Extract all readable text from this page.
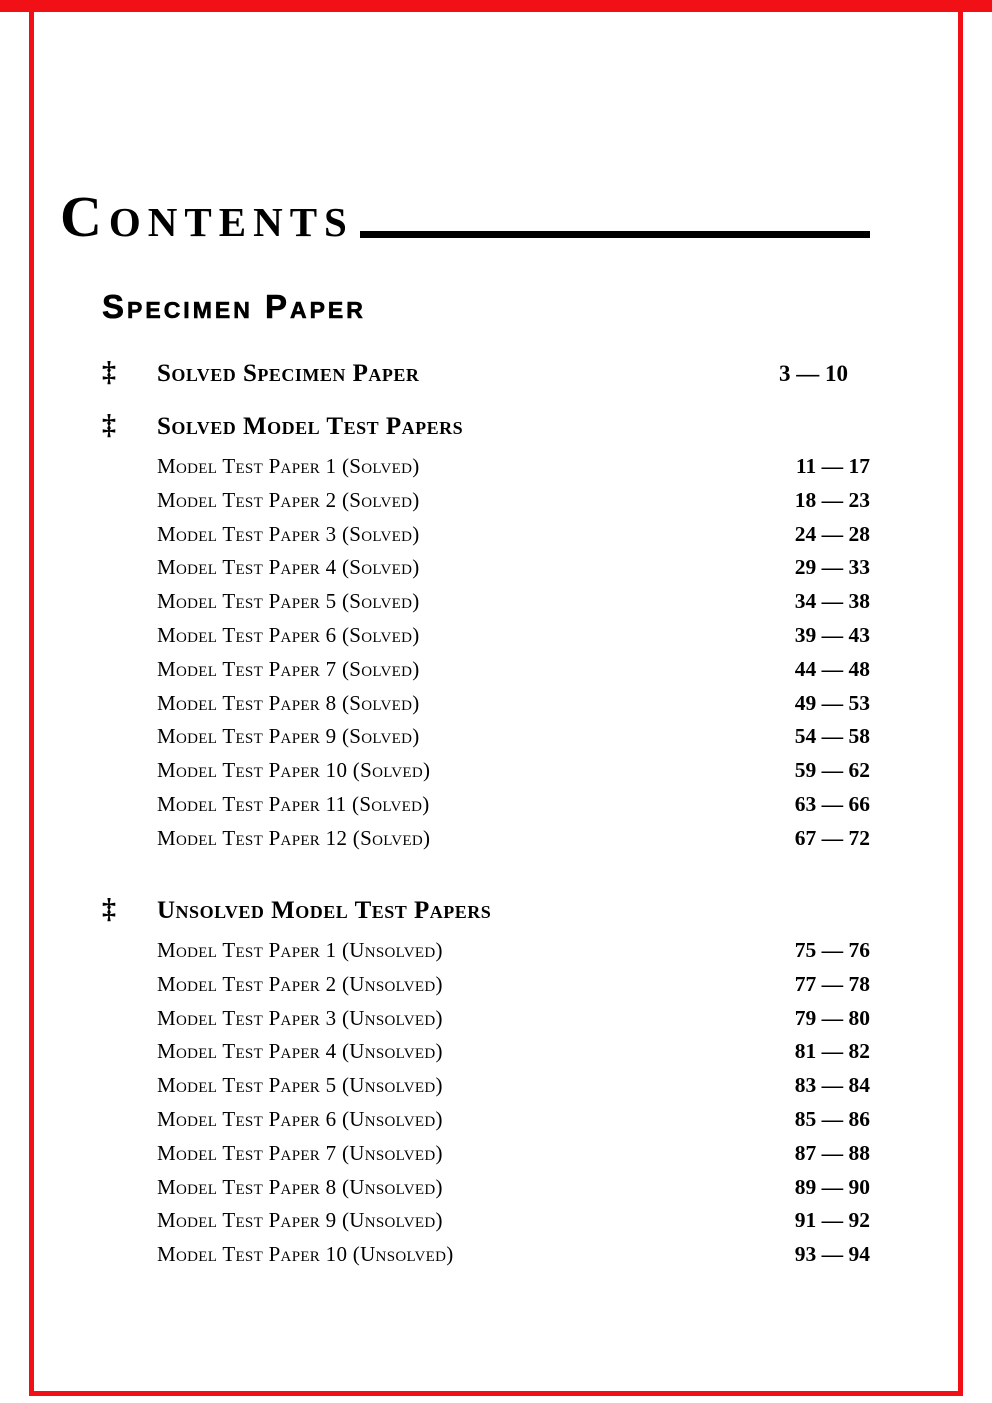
Contents
Specimen Paper
‡	Solved Specimen Paper	3 — 10
‡	Solved Model Test Papers
Model Test Paper 1 (Solved)	11 — 17
Model Test Paper 2 (Solved)	18 — 23
Model Test Paper 3 (Solved)	24 — 28
Model Test Paper 4 (Solved)	29 — 33
Model Test Paper 5 (Solved)	34 — 38
Model Test Paper 6 (Solved)	39 — 43
Model Test Paper 7 (Solved)	44 — 48
Model Test Paper 8 (Solved)	49 — 53
Model Test Paper 9 (Solved)	54 — 58
Model Test Paper 10 (Solved)	59 — 62
Model Test Paper 11 (Solved)	63 — 66
Model Test Paper 12 (Solved)	67 — 72
‡	Unsolved Model Test Papers
Model Test Paper 1 (Unsolved)	75 — 76
Model Test Paper 2 (Unsolved)	77 — 78
Model Test Paper 3 (Unsolved)	79 — 80
Model Test Paper 4 (Unsolved)	81 — 82
Model Test Paper 5 (Unsolved)	83 — 84
Model Test Paper 6 (Unsolved)	85 — 86
Model Test Paper 7 (Unsolved)	87 — 88
Model Test Paper 8 (Unsolved)	89 — 90
Model Test Paper 9 (Unsolved)	91 — 92
Model Test Paper 10 (Unsolved)	93 — 94
